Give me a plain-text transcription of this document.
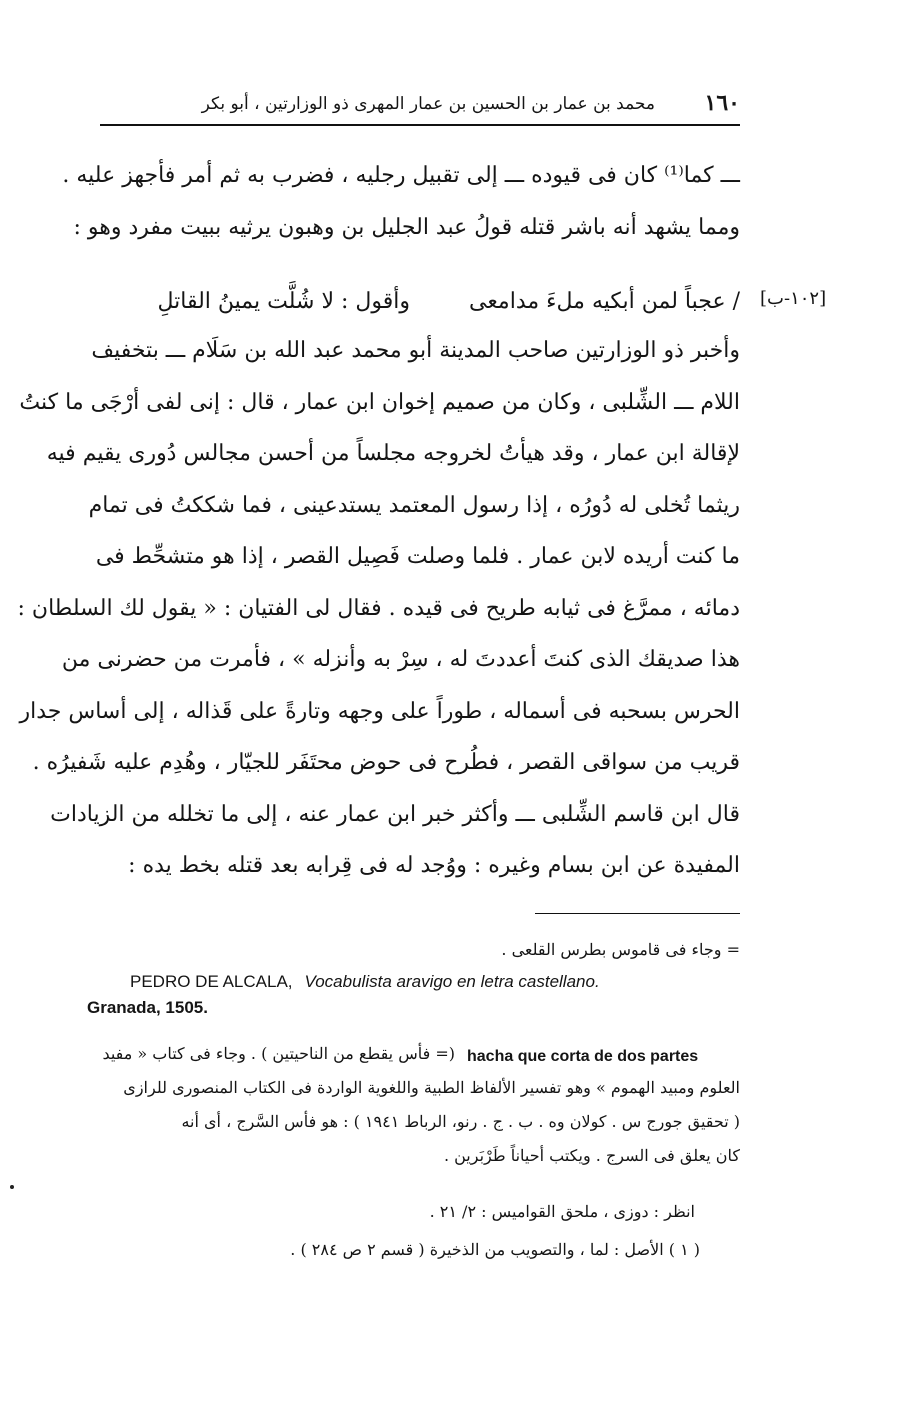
١٦٠
محمد بن عمار بن الحسين بن عمار المهرى ذو الوزارتين ، أبو بكر
ـــ كما⁽¹⁾ كان فى قيوده ـــ إلى تقبيل رجليه ، فضرب به ثم أمر فأجهز عليه .
ومما يشهد أنه باشر قتله قولُ عبد الجليل بن وهبون يرثيه ببيت مفرد وهو :
/ عجباً لمن أبكيه ملءَ مدامعى
وأقول : لا شُلَّت يمينُ القاتلِ	[١٠٢-ب]
وأخبر ذو الوزارتين صاحب المدينة أبو محمد عبد الله بن سَلَام ـــ بتخفيف
اللام ـــ الشِّلبى ، وكان من صميم إخوان ابن عمار ، قال : إنى لفى أرْجَى ما كنتُ
لإقالة ابن عمار ، وقد هيأتُ لخروجه مجلساً من أحسن مجالس دُورى يقيم فيه
ريثما تُخلى له دُورُه ، إذا رسول المعتمد يستدعينى ، فما شككتُ فى تمام
ما كنت أريده لابن عمار . فلما وصلت فَصِيل القصر ، إذا هو متشحِّط فى
دمائه ، ممرَّغ فى ثيابه طريح فى قيده . فقال لى الفتيان : « يقول لك السلطان :
هذا صديقك الذى كنتَ أعددتَ له ، سِرْ به وأنزله » ، فأمرت من حضرنى من
الحرس بسحبه فى أسماله ، طوراً على وجهه وتارةً على قَذاله ، إلى أساس جدار
قريب من سواقى القصر ، فطُرح فى حوض محتَفَر للجيّار ، وهُدِم عليه شَفيرُه .
قال ابن قاسم الشِّلبى ـــ وأكثر خبر ابن عمار عنه ، إلى ما تخلله من الزيادات
المفيدة عن ابن بسام وغيره : ووُجد له فى قِرابه بعد قتله بخط يده :
= وجاء فى قاموس بطرس القلعى .
PEDRO DE ALCALA, Vocabulista aravigo en letra castellano.
Granada, 1505.
hacha que corta de dos partes
(= فأس يقطع من الناحيتين ) . وجاء فى كتاب « مفيد
العلوم ومبيد الهموم » وهو تفسير الألفاظ الطبية واللغوية الواردة فى الكتاب المنصورى للرازى
( تحقيق جورج س . كولان وه . ب . ج . رنو، الرباط ١٩٤١ ) : هو فأس السَّرج ، أى أنه
كان يعلق فى السرج . ويكتب أحياناً طَرْبَرين .
انظر : دوزى ، ملحق القواميس : ٢/ ٢١ .
( ١ ) الأصل : لما ، والتصويب من الذخيرة ( قسم ٢ ص ٢٨٤ ) .
